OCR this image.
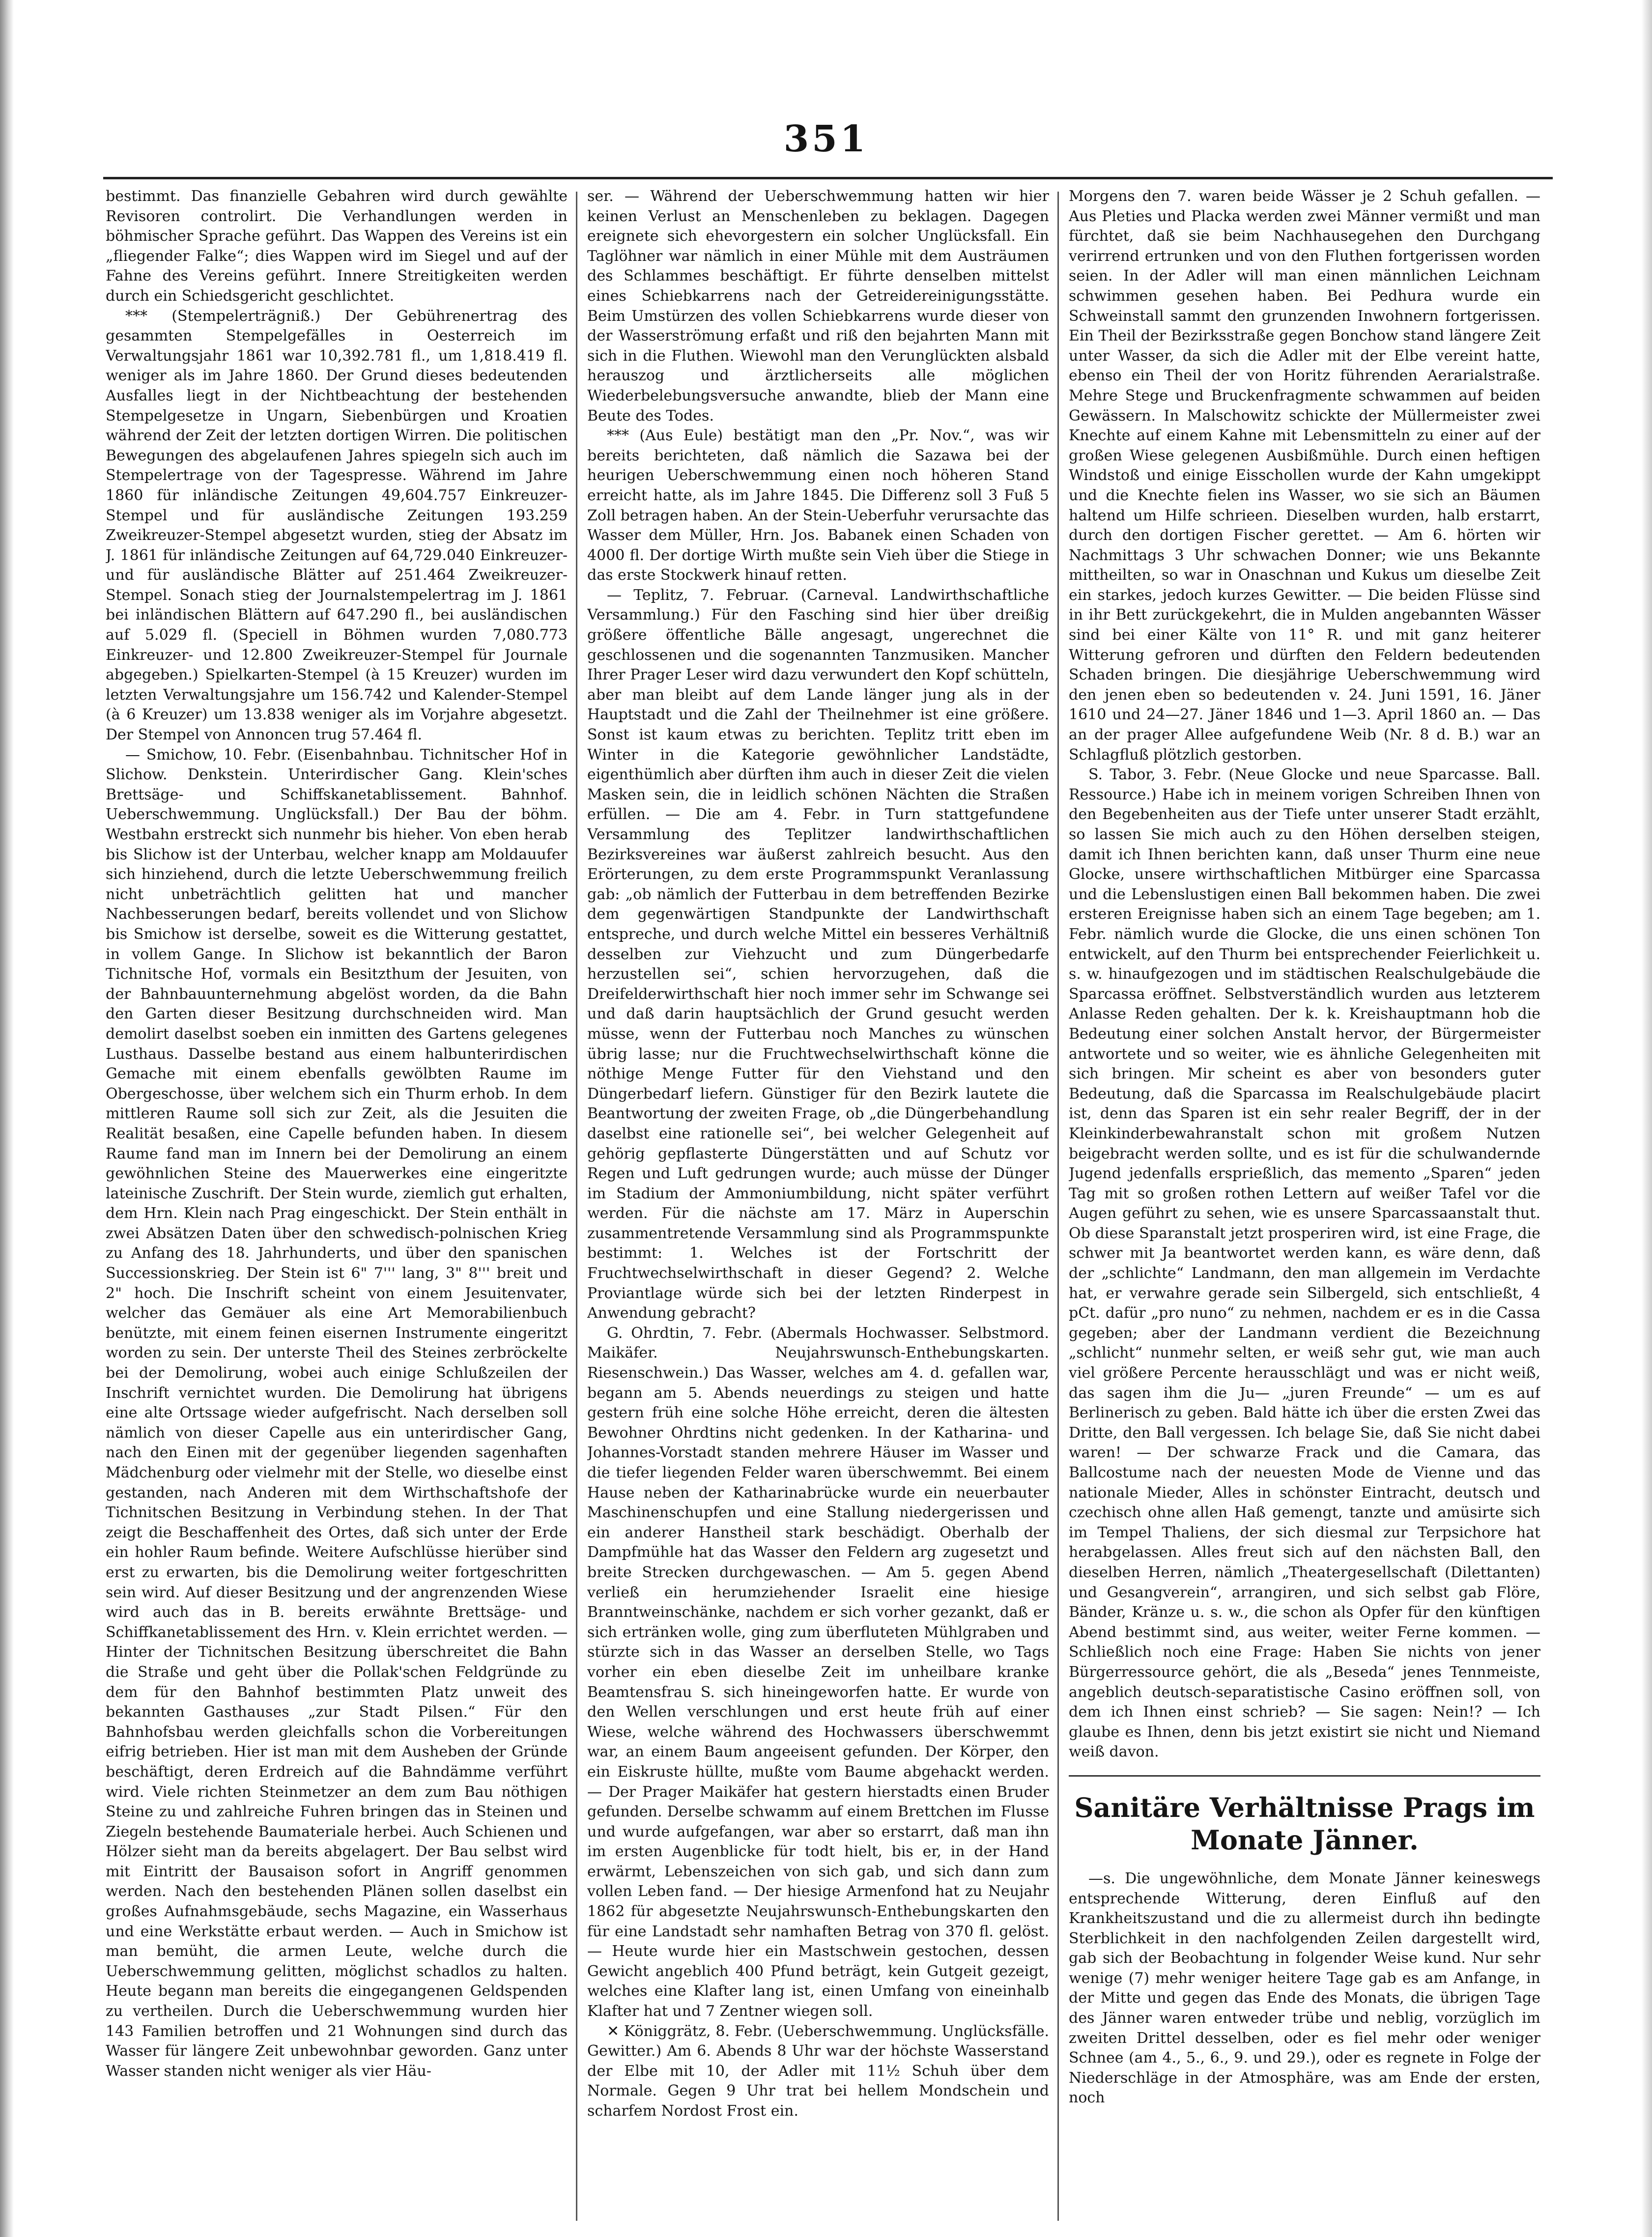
351

bestimmt. Das finanzielle Gebahren wird durch gewählte Revisoren controlirt. Die Verhandlungen werden in böhmischer Sprache geführt. Das Wappen des Vereins ist ein „fliegender Falke“; dies Wappen wird im Siegel und auf der Fahne des Vereins geführt. Innere Streitigkeiten werden durch ein Schiedsgericht geschlichtet.

*** (Stempelerträgniß.) Der Gebührenertrag des gesammten Stempelgefälles in Oesterreich im Verwaltungsjahr 1861 war 10,392.781 fl., um 1,818.419 fl. weniger als im Jahre 1860. Der Grund dieses bedeutenden Ausfalles liegt in der Nichtbeachtung der bestehenden Stempelgesetze in Ungarn, Siebenbürgen und Kroatien während der Zeit der letzten dortigen Wirren. Die politischen Bewegungen des abgelaufenen Jahres spiegeln sich auch im Stempelertrage von der Tagespresse. Während im Jahre 1860 für inländische Zeitungen 49,604.757 Einkreuzer-Stempel und für ausländische Zeitungen 193.259 Zweikreuzer-Stempel abgesetzt wurden, stieg der Absatz im J. 1861 für inländische Zeitungen auf 64,729.040 Einkreuzer- und für ausländische Blätter auf 251.464 Zweikreuzer-Stempel. Sonach stieg der Journalstempelertrag im J. 1861 bei inländischen Blättern auf 647.290 fl., bei ausländischen auf 5.029 fl. (Speciell in Böhmen wurden 7,080.773 Einkreuzer- und 12.800 Zweikreuzer-Stempel für Journale abgegeben.) Spielkarten-Stempel (à 15 Kreuzer) wurden im letzten Verwaltungsjahre um 156.742 und Kalender-Stempel (à 6 Kreuzer) um 13.838 weniger als im Vorjahre abgesetzt. Der Stempel von Annoncen trug 57.464 fl.

— Smichow, 10. Febr. (Eisenbahnbau. Tichnitscher Hof in Slichow. Denkstein. Unterirdischer Gang. Klein'sches Brettsäge- und Schiffskanetablissement. Bahnhof. Ueberschwemmung. Unglücksfall.) Der Bau der böhm. Westbahn erstreckt sich nunmehr bis hieher. Von eben herab bis Slichow ist der Unterbau, welcher knapp am Moldauufer sich hinziehend, durch die letzte Ueberschwemmung freilich nicht unbeträchtlich gelitten hat und mancher Nachbesserungen bedarf, bereits vollendet und von Slichow bis Smichow ist derselbe, soweit es die Witterung gestattet, in vollem Gange. In Slichow ist bekanntlich der Baron Tichnitsche Hof, vormals ein Besitzthum der Jesuiten, von der Bahnbauunternehmung abgelöst worden, da die Bahn den Garten dieser Besitzung durchschneiden wird. Man demolirt daselbst soeben ein inmitten des Gartens gelegenes Lusthaus. Dasselbe bestand aus einem halbunterirdischen Gemache mit einem ebenfalls gewölbten Raume im Obergeschosse, über welchem sich ein Thurm erhob. In dem mittleren Raume soll sich zur Zeit, als die Jesuiten die Realität besaßen, eine Capelle befunden haben. In diesem Raume fand man im Innern bei der Demolirung an einem gewöhnlichen Steine des Mauerwerkes eine eingeritzte lateinische Zuschrift. Der Stein wurde, ziemlich gut erhalten, dem Hrn. Klein nach Prag eingeschickt. Der Stein enthält in zwei Absätzen Daten über den schwedisch-polnischen Krieg zu Anfang des 18. Jahrhunderts, und über den spanischen Successionskrieg. Der Stein ist 6" 7''' lang, 3" 8''' breit und 2" hoch. Die Inschrift scheint von einem Jesuitenvater, welcher das Gemäuer als eine Art Memorabilienbuch benützte, mit einem feinen eisernen Instrumente eingeritzt worden zu sein. Der unterste Theil des Steines zerbröckelte bei der Demolirung, wobei auch einige Schlußzeilen der Inschrift vernichtet wurden. Die Demolirung hat übrigens eine alte Ortssage wieder aufgefrischt. Nach derselben soll nämlich von dieser Capelle aus ein unterirdischer Gang, nach den Einen mit der gegenüber liegenden sagenhaften Mädchenburg oder vielmehr mit der Stelle, wo dieselbe einst gestanden, nach Anderen mit dem Wirthschaftshofe der Tichnitschen Besitzung in Verbindung stehen. In der That zeigt die Beschaffenheit des Ortes, daß sich unter der Erde ein hohler Raum befinde. Weitere Aufschlüsse hierüber sind erst zu erwarten, bis die Demolirung weiter fortgeschritten sein wird. Auf dieser Besitzung und der angrenzenden Wiese wird auch das in B. bereits erwähnte Brettsäge- und Schiffkanetablissement des Hrn. v. Klein errichtet werden. — Hinter der Tichnitschen Besitzung überschreitet die Bahn die Straße und geht über die Pollak'schen Feldgründe zu dem für den Bahnhof bestimmten Platz unweit des bekannten Gasthauses „zur Stadt Pilsen.“ Für den Bahnhofsbau werden gleichfalls schon die Vorbereitungen eifrig betrieben. Hier ist man mit dem Ausheben der Gründe beschäftigt, deren Erdreich auf die Bahndämme verführt wird. Viele richten Steinmetzer an dem zum Bau nöthigen Steine zu und zahlreiche Fuhren bringen das in Steinen und Ziegeln bestehende Baumateriale herbei. Auch Schienen und Hölzer sieht man da bereits abgelagert. Der Bau selbst wird mit Eintritt der Bausaison sofort in Angriff genommen werden. Nach den bestehenden Plänen sollen daselbst ein großes Aufnahmsgebäude, sechs Magazine, ein Wasserhaus und eine Werkstätte erbaut werden. — Auch in Smichow ist man bemüht, die armen Leute, welche durch die Ueberschwemmung gelitten, möglichst schadlos zu halten. Heute begann man bereits die eingegangenen Geldspenden zu vertheilen. Durch die Ueberschwemmung wurden hier 143 Familien betroffen und 21 Wohnungen sind durch das Wasser für längere Zeit unbewohnbar geworden. Ganz unter Wasser standen nicht weniger als vier Häu-

ser. — Während der Ueberschwemmung hatten wir hier keinen Verlust an Menschenleben zu beklagen. Dagegen ereignete sich ehevorgestern ein solcher Unglücksfall. Ein Taglöhner war nämlich in einer Mühle mit dem Austräumen des Schlammes beschäftigt. Er führte denselben mittelst eines Schiebkarrens nach der Getreidereinigungsstätte. Beim Umstürzen des vollen Schiebkarrens wurde dieser von der Wasserströmung erfaßt und riß den bejahrten Mann mit sich in die Fluthen. Wiewohl man den Verunglückten alsbald herauszog und ärztlicherseits alle möglichen Wiederbelebungsversuche anwandte, blieb der Mann eine Beute des Todes.

*** (Aus Eule) bestätigt man den „Pr. Nov.“, was wir bereits berichteten, daß nämlich die Sazawa bei der heurigen Ueberschwemmung einen noch höheren Stand erreicht hatte, als im Jahre 1845. Die Differenz soll 3 Fuß 5 Zoll betragen haben. An der Stein-Ueberfuhr verursachte das Wasser dem Müller, Hrn. Jos. Babanek einen Schaden von 4000 fl. Der dortige Wirth mußte sein Vieh über die Stiege in das erste Stockwerk hinauf retten.

— Teplitz, 7. Februar. (Carneval. Landwirthschaftliche Versammlung.) Für den Fasching sind hier über dreißig größere öffentliche Bälle angesagt, ungerechnet die geschlossenen und die sogenannten Tanzmusiken. Mancher Ihrer Prager Leser wird dazu verwundert den Kopf schütteln, aber man bleibt auf dem Lande länger jung als in der Hauptstadt und die Zahl der Theilnehmer ist eine größere. Sonst ist kaum etwas zu berichten. Teplitz tritt eben im Winter in die Kategorie gewöhnlicher Landstädte, eigenthümlich aber dürften ihm auch in dieser Zeit die vielen Masken sein, die in leidlich schönen Nächten die Straßen erfüllen. — Die am 4. Febr. in Turn stattgefundene Versammlung des Teplitzer landwirthschaftlichen Bezirksvereines war äußerst zahlreich besucht. Aus den Erörterungen, zu dem erste Programmspunkt Veranlassung gab: „ob nämlich der Futterbau in dem betreffenden Bezirke dem gegenwärtigen Standpunkte der Landwirthschaft entspreche, und durch welche Mittel ein besseres Verhältniß desselben zur Viehzucht und zum Düngerbedarfe herzustellen sei“, schien hervorzugehen, daß die Dreifelderwirthschaft hier noch immer sehr im Schwange sei und daß darin hauptsächlich der Grund gesucht werden müsse, wenn der Futterbau noch Manches zu wünschen übrig lasse; nur die Fruchtwechselwirthschaft könne die nöthige Menge Futter für den Viehstand und den Düngerbedarf liefern. Günstiger für den Bezirk lautete die Beantwortung der zweiten Frage, ob „die Düngerbehandlung daselbst eine rationelle sei“, bei welcher Gelegenheit auf gehörig gepflasterte Düngerstätten und auf Schutz vor Regen und Luft gedrungen wurde; auch müsse der Dünger im Stadium der Ammoniumbildung, nicht später verführt werden. Für die nächste am 17. März in Auperschin zusammentretende Versammlung sind als Programmspunkte bestimmt: 1. Welches ist der Fortschritt der Fruchtwechselwirthschaft in dieser Gegend? 2. Welche Proviantlage würde sich bei der letzten Rinderpest in Anwendung gebracht?

G. Ohrdtin, 7. Febr. (Abermals Hochwasser. Selbstmord. Maikäfer. Neujahrswunsch-Enthebungskarten. Riesenschwein.) Das Wasser, welches am 4. d. gefallen war, begann am 5. Abends neuerdings zu steigen und hatte gestern früh eine solche Höhe erreicht, deren die ältesten Bewohner Ohrdtins nicht gedenken. In der Katharina- und Johannes-Vorstadt standen mehrere Häuser im Wasser und die tiefer liegenden Felder waren überschwemmt. Bei einem Hause neben der Katharinabrücke wurde ein neuerbauter Maschinenschupfen und eine Stallung niedergerissen und ein anderer Hanstheil stark beschädigt. Oberhalb der Dampfmühle hat das Wasser den Feldern arg zugesetzt und breite Strecken durchgewaschen. — Am 5. gegen Abend verließ ein herumziehender Israelit eine hiesige Branntweinschänke, nachdem er sich vorher gezankt, daß er sich ertränken wolle, ging zum überfluteten Mühlgraben und stürzte sich in das Wasser an derselben Stelle, wo Tags vorher ein eben dieselbe Zeit im unheilbare kranke Beamtensfrau S. sich hineingeworfen hatte. Er wurde von den Wellen verschlungen und erst heute früh auf einer Wiese, welche während des Hochwassers überschwemmt war, an einem Baum angeeisent gefunden. Der Körper, den ein Eiskruste hüllte, mußte vom Baume abgehackt werden. — Der Prager Maikäfer hat gestern hierstadts einen Bruder gefunden. Derselbe schwamm auf einem Brettchen im Flusse und wurde aufgefangen, war aber so erstarrt, daß man ihn im ersten Augenblicke für todt hielt, bis er, in der Hand erwärmt, Lebenszeichen von sich gab, und sich dann zum vollen Leben fand. — Der hiesige Armenfond hat zu Neujahr 1862 für abgesetzte Neujahrswunsch-Enthebungskarten den für eine Landstadt sehr namhaften Betrag von 370 fl. gelöst. — Heute wurde hier ein Mastschwein gestochen, dessen Gewicht angeblich 400 Pfund beträgt, kein Gutgeit gezeigt, welches eine Klafter lang ist, einen Umfang von eineinhalb Klafter hat und 7 Zentner wiegen soll.

✕ Königgrätz, 8. Febr. (Ueberschwemmung. Unglücksfälle. Gewitter.) Am 6. Abends 8 Uhr war der höchste Wasserstand der Elbe mit 10, der Adler mit 11½ Schuh über dem Normale. Gegen 9 Uhr trat bei hellem Mondschein und scharfem Nordost Frost ein.

Morgens den 7. waren beide Wässer je 2 Schuh gefallen. — Aus Pleties und Placka werden zwei Männer vermißt und man fürchtet, daß sie beim Nachhausegehen den Durchgang verirrend ertrunken und von den Fluthen fortgerissen worden seien. In der Adler will man einen männlichen Leichnam schwimmen gesehen haben. Bei Pedhura wurde ein Schweinstall sammt den grunzenden Inwohnern fortgerissen. Ein Theil der Bezirksstraße gegen Bonchow stand längere Zeit unter Wasser, da sich die Adler mit der Elbe vereint hatte, ebenso ein Theil der von Horitz führenden Aerarialstraße. Mehre Stege und Bruckenfragmente schwammen auf beiden Gewässern. In Malschowitz schickte der Müllermeister zwei Knechte auf einem Kahne mit Lebensmitteln zu einer auf der großen Wiese gelegenen Ausbißmühle. Durch einen heftigen Windstoß und einige Eisschollen wurde der Kahn umgekippt und die Knechte fielen ins Wasser, wo sie sich an Bäumen haltend um Hilfe schrieen. Dieselben wurden, halb erstarrt, durch den dortigen Fischer gerettet. — Am 6. hörten wir Nachmittags 3 Uhr schwachen Donner; wie uns Bekannte mittheilten, so war in Onaschnan und Kukus um dieselbe Zeit ein starkes, jedoch kurzes Gewitter. — Die beiden Flüsse sind in ihr Bett zurückgekehrt, die in Mulden angebannten Wässer sind bei einer Kälte von 11° R. und mit ganz heiterer Witterung gefroren und dürften den Feldern bedeutenden Schaden bringen. Die diesjährige Ueberschwemmung wird den jenen eben so bedeutenden v. 24. Juni 1591, 16. Jäner 1610 und 24—27. Jäner 1846 und 1—3. April 1860 an. — Das an der prager Allee aufgefundene Weib (Nr. 8 d. B.) war an Schlagfluß plötzlich gestorben.

S. Tabor, 3. Febr. (Neue Glocke und neue Sparcasse. Ball. Ressource.) Habe ich in meinem vorigen Schreiben Ihnen von den Begebenheiten aus der Tiefe unter unserer Stadt erzählt, so lassen Sie mich auch zu den Höhen derselben steigen, damit ich Ihnen berichten kann, daß unser Thurm eine neue Glocke, unsere wirthschaftlichen Mitbürger eine Sparcassa und die Lebenslustigen einen Ball bekommen haben. Die zwei ersteren Ereignisse haben sich an einem Tage begeben; am 1. Febr. nämlich wurde die Glocke, die uns einen schönen Ton entwickelt, auf den Thurm bei entsprechender Feierlichkeit u. s. w. hinaufgezogen und im städtischen Realschulgebäude die Sparcassa eröffnet. Selbstverständlich wurden aus letzterem Anlasse Reden gehalten. Der k. k. Kreishauptmann hob die Bedeutung einer solchen Anstalt hervor, der Bürgermeister antwortete und so weiter, wie es ähnliche Gelegenheiten mit sich bringen. Mir scheint es aber von besonders guter Bedeutung, daß die Sparcassa im Realschulgebäude placirt ist, denn das Sparen ist ein sehr realer Begriff, der in der Kleinkinderbewahranstalt schon mit großem Nutzen beigebracht werden sollte, und es ist für die schulwandernde Jugend jedenfalls ersprießlich, das memento „Sparen“ jeden Tag mit so großen rothen Lettern auf weißer Tafel vor die Augen geführt zu sehen, wie es unsere Sparcassaanstalt thut. Ob diese Sparanstalt jetzt prosperiren wird, ist eine Frage, die schwer mit Ja beantwortet werden kann, es wäre denn, daß der „schlichte“ Landmann, den man allgemein im Verdachte hat, er verwahre gerade sein Silbergeld, sich entschließt, 4 pCt. dafür „pro nuno“ zu nehmen, nachdem er es in die Cassa gegeben; aber der Landmann verdient die Bezeichnung „schlicht“ nunmehr selten, er weiß sehr gut, wie man auch viel größere Percente herausschlägt und was er nicht weiß, das sagen ihm die Ju— „juren Freunde“ — um es auf Berlinerisch zu geben. Bald hätte ich über die ersten Zwei das Dritte, den Ball vergessen. Ich belage Sie, daß Sie nicht dabei waren! — Der schwarze Frack und die Camara, das Ballcostume nach der neuesten Mode de Vienne und das nationale Mieder, Alles in schönster Eintracht, deutsch und czechisch ohne allen Haß gemengt, tanzte und amüsirte sich im Tempel Thaliens, der sich diesmal zur Terpsichore hat herabgelassen. Alles freut sich auf den nächsten Ball, den dieselben Herren, nämlich „Theatergesellschaft (Dilettanten) und Gesangverein“, arrangiren, und sich selbst gab Flöre, Bänder, Kränze u. s. w., die schon als Opfer für den künftigen Abend bestimmt sind, aus weiter, weiter Ferne kommen. — Schließlich noch eine Frage: Haben Sie nichts von jener Bürgerressource gehört, die als „Beseda“ jenes Tennmeiste, angeblich deutsch-separatistische Casino eröffnen soll, von dem ich Ihnen einst schrieb? — Sie sagen: Nein!? — Ich glaube es Ihnen, denn bis jetzt existirt sie nicht und Niemand weiß davon.

Sanitäre Verhältnisse Prags im Monate Jänner.

—s. Die ungewöhnliche, dem Monate Jänner keineswegs entsprechende Witterung, deren Einfluß auf den Krankheitszustand und die zu allermeist durch ihn bedingte Sterblichkeit in den nachfolgenden Zeilen dargestellt wird, gab sich der Beobachtung in folgender Weise kund. Nur sehr wenige (7) mehr weniger heitere Tage gab es am Anfange, in der Mitte und gegen das Ende des Monats, die übrigen Tage des Jänner waren entweder trübe und neblig, vorzüglich im zweiten Drittel desselben, oder es fiel mehr oder weniger Schnee (am 4., 5., 6., 9. und 29.), oder es regnete in Folge der Niederschläge in der Atmosphäre, was am Ende der ersten, noch
